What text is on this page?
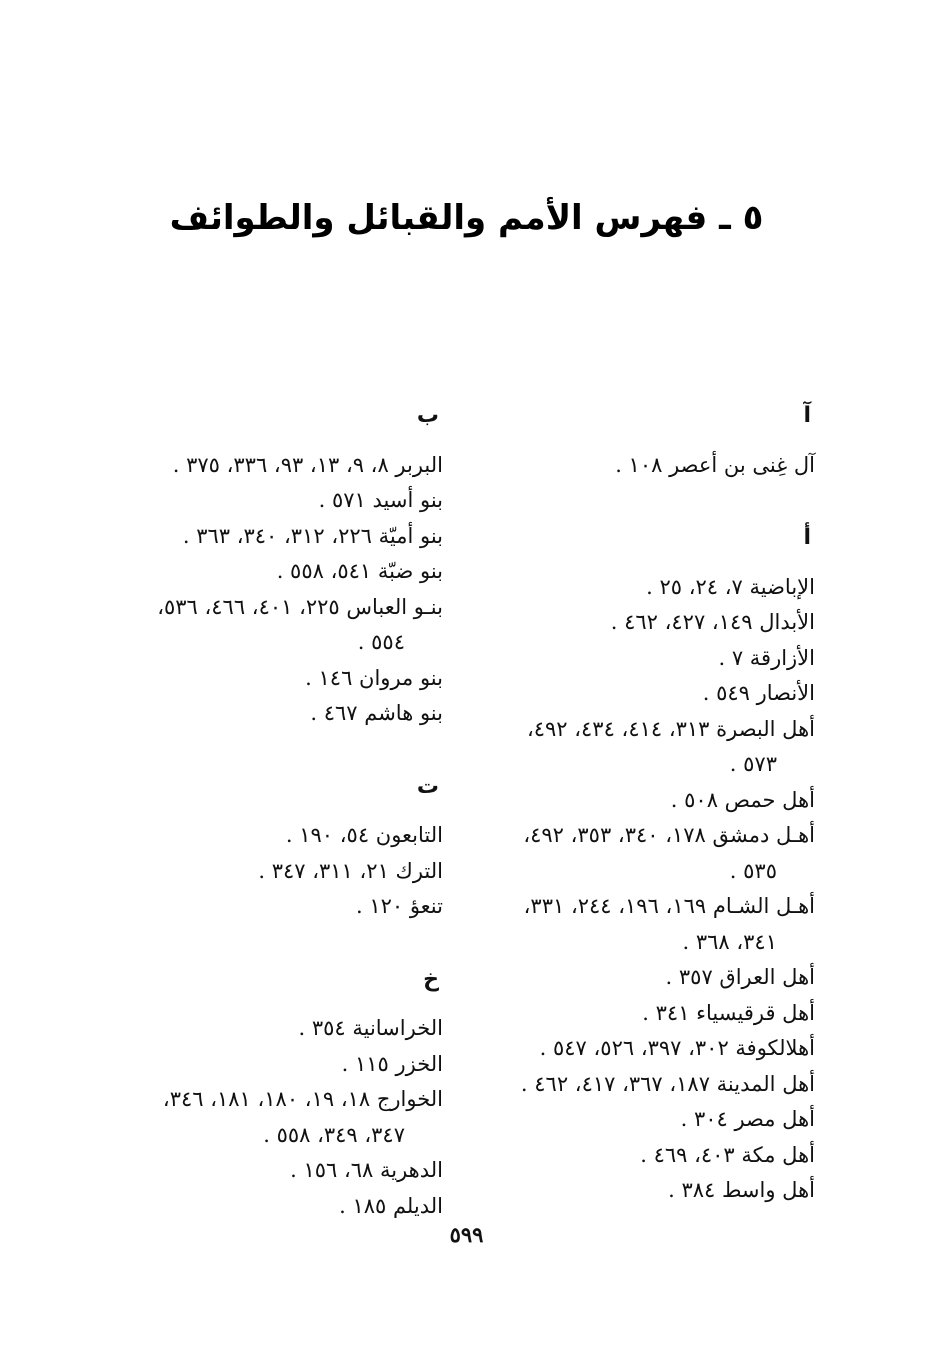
٥ ـ فهرس الأمم والقبائل والطوائف
آ
آل غِنى بن أعصر ١٠٨ .
أ
الإباضية ٧، ٢٤، ٢٥ .
الأبدال ١٤٩، ٤٢٧، ٤٦٢ .
الأزارقة ٧ .
الأنصار ٥٤٩ .
أهل البصرة ٣١٣، ٤١٤، ٤٣٤، ٤٩٢،
٥٧٣ .
أهل حمص ٥٠٨ .
أهـل دمشق ١٧٨، ٣٤٠، ٣٥٣، ٤٩٢،
٥٣٥ .
أهـل الشـام ١٦٩، ١٩٦، ٢٤٤، ٣٣١،
٣٤١، ٣٦٨ .
أهل العراق ٣٥٧ .
أهل قرقيسياء ٣٤١ .
أهلالكوفة ٣٠٢، ٣٩٧، ٥٢٦، ٥٤٧ .
أهل المدينة ١٨٧، ٣٦٧، ٤١٧، ٤٦٢ .
أهل مصر ٣٠٤ .
أهل مكة ٤٠٣، ٤٦٩ .
أهل واسط ٣٨٤ .
ب
البربر ٨، ٩، ١٣، ٩٣، ٣٣٦، ٣٧٥ .
بنو أسيد ٥٧١ .
بنو أميّة ٢٢٦، ٣١٢، ٣٤٠، ٣٦٣ .
بنو ضبّة ٥٤١، ٥٥٨ .
بنـو العباس ٢٢٥، ٤٠١، ٤٦٦، ٥٣٦،
٥٥٤ .
بنو مروان ١٤٦ .
بنو هاشم ٤٦٧ .
ت
التابعون ٥٤، ١٩٠ .
الترك ٢١، ٣١١، ٣٤٧ .
تنعؤ ١٢٠ .
خ
الخراسانية ٣٥٤ .
الخزر ١١٥ .
الخوارج ١٨، ١٩، ١٨٠، ١٨١، ٣٤٦،
٣٤٧، ٣٤٩، ٥٥٨ .
الدهرية ٦٨، ١٥٦ .
الديلم ١٨٥ .
٥٩٩
